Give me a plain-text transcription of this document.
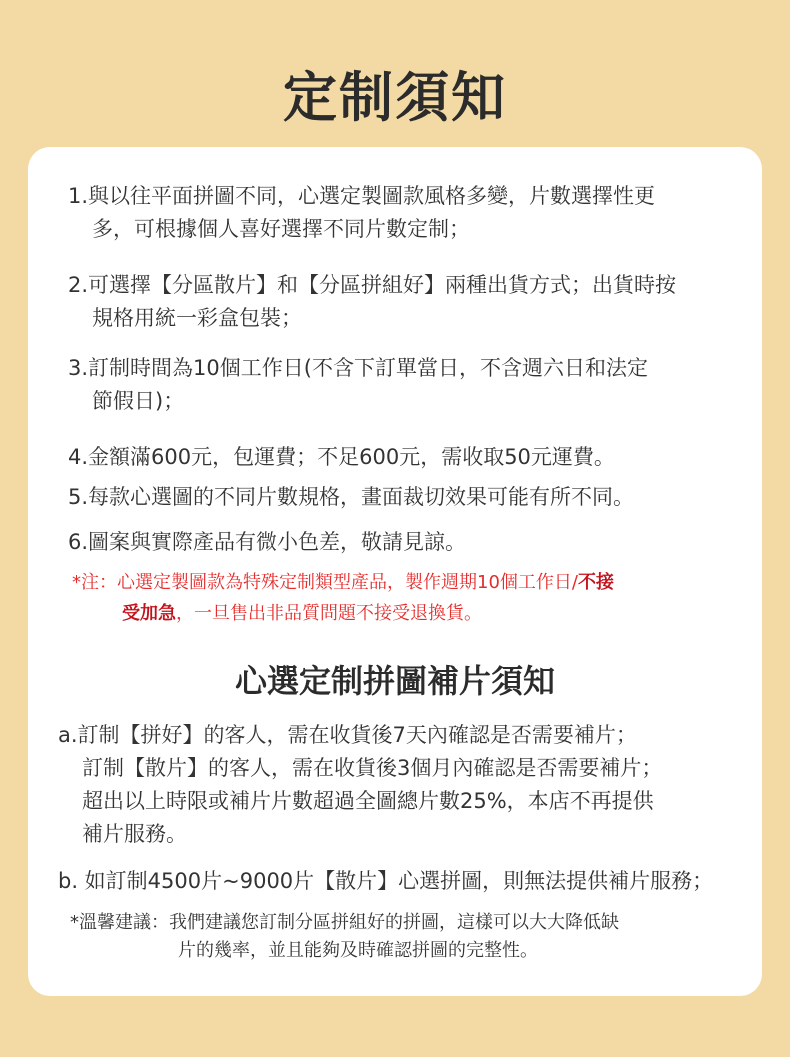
定制須知
1.與以往平面拼圖不同，心選定製圖款風格多變，片數選擇性更
多，可根據個人喜好選擇不同片數定制；
2.可選擇【分區散片】和【分區拼組好】兩種出貨方式；出貨時按
規格用統一彩盒包裝；
3.訂制時間為10個工作日(不含下訂單當日，不含週六日和法定
節假日)；
4.金額滿600元，包運費；不足600元，需收取50元運費。
5.每款心選圖的不同片數規格，畫面裁切效果可能有所不同。
6.圖案與實際產品有微小色差，敬請見諒。
*注：心選定製圖款為特殊定制類型產品，製作週期10個工作日/不接
受加急，一旦售出非品質問題不接受退換貨。
心選定制拼圖補片須知
a.訂制【拼好】的客人，需在收貨後7天內確認是否需要補片；
訂制【散片】的客人，需在收貨後3個月內確認是否需要補片；
超出以上時限或補片片數超過全圖總片數25%，本店不再提供
補片服務。
b. 如訂制4500片~9000片【散片】心選拼圖，則無法提供補片服務；
*溫馨建議：我們建議您訂制分區拼組好的拼圖，這樣可以大大降低缺
片的幾率，並且能夠及時確認拼圖的完整性。
